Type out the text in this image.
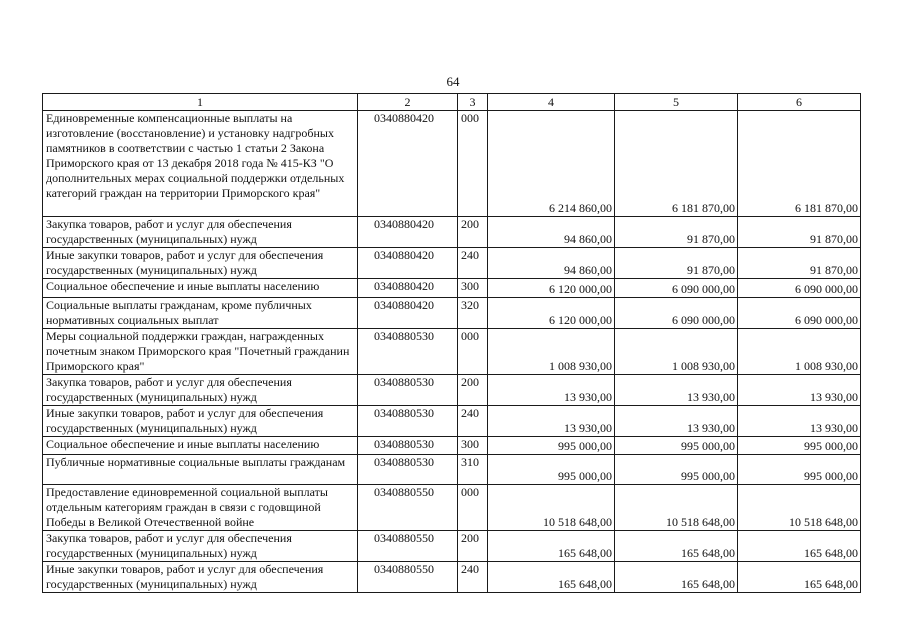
64
1	2	3	4	5	6
Единовременные компенсационные выплаты на изготовление (восстановление) и установку надгробных памятников в соответствии с частью 1 статьи 2 Закона Приморского края от 13 декабря 2018 года № 415-КЗ "О дополнительных мерах социальной поддержки отдельных категорий граждан на территории Приморского края"	0340880420	000	6 214 860,00	6 181 870,00	6 181 870,00
Закупка товаров, работ и услуг для обеспечения государственных (муниципальных) нужд	0340880420	200	94 860,00	91 870,00	91 870,00
Иные закупки товаров, работ и услуг для обеспечения государственных (муниципальных) нужд	0340880420	240	94 860,00	91 870,00	91 870,00
Социальное обеспечение и иные выплаты населению	0340880420	300	6 120 000,00	6 090 000,00	6 090 000,00
Социальные выплаты гражданам, кроме публичных нормативных социальных выплат	0340880420	320	6 120 000,00	6 090 000,00	6 090 000,00
Меры социальной поддержки граждан, награжденных почетным знаком Приморского края "Почетный гражданин Приморского края"	0340880530	000	1 008 930,00	1 008 930,00	1 008 930,00
Закупка товаров, работ и услуг для обеспечения государственных (муниципальных) нужд	0340880530	200	13 930,00	13 930,00	13 930,00
Иные закупки товаров, работ и услуг для обеспечения государственных (муниципальных) нужд	0340880530	240	13 930,00	13 930,00	13 930,00
Социальное обеспечение и иные выплаты населению	0340880530	300	995 000,00	995 000,00	995 000,00
Публичные нормативные социальные выплаты гражданам	0340880530	310	995 000,00	995 000,00	995 000,00
Предоставление единовременной социальной выплаты отдельным категориям граждан в связи с годовщиной Победы в Великой Отечественной войне	0340880550	000	10 518 648,00	10 518 648,00	10 518 648,00
Закупка товаров, работ и услуг для обеспечения государственных (муниципальных) нужд	0340880550	200	165 648,00	165 648,00	165 648,00
Иные закупки товаров, работ и услуг для обеспечения государственных (муниципальных) нужд	0340880550	240	165 648,00	165 648,00	165 648,00
